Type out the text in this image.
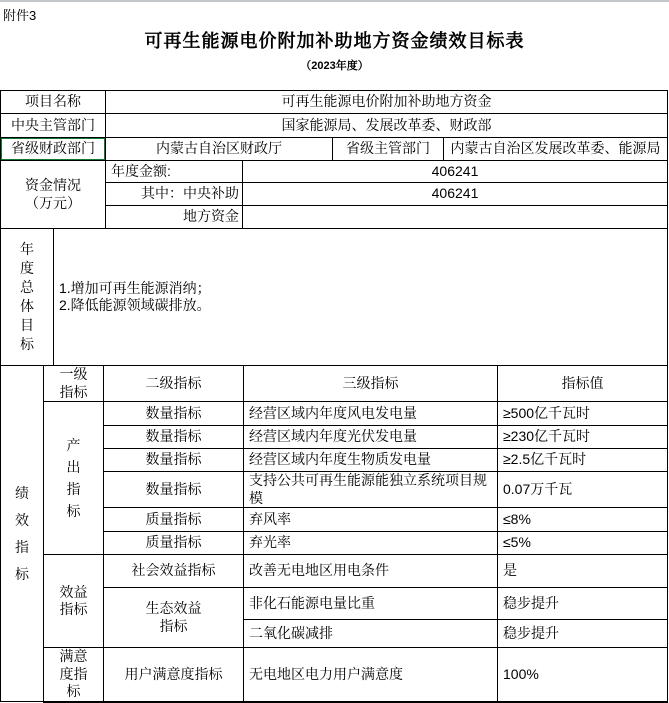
附件3
可再生能源电价附加补助地方资金绩效目标表
（2023年度）
项目名称	可再生能源电价附加补助地方资金			
中央主管部门	国家能源局、发展改革委、财政部			
省级财政部门	内蒙古自治区财政厅		省级主管部门	内蒙古自治区发展改革委、能源局
资金情况（万元）	年度金额:	406241		
	其中：中央补助	406241		
	地方资金			
年度总体目标	
1.增加可再生能源消纳；
2.降低能源领域碳排放。
绩效指标	一级指标	二级指标	三级指标	指标值
	产出指标	数量指标	经营区域内年度风电发电量	≥500亿千瓦时
		数量指标	经营区域内年度光伏发电量	≥230亿千瓦时
		数量指标	经营区域内年度生物质发电量	≥2.5亿千瓦时
		数量指标	支持公共可再生能源能独立系统项目规模	0.07万千瓦
		质量指标	弃风率	≤8%
		质量指标	弃光率	≤5%
	效益指标	社会效益指标	改善无电地区用电条件	是
		生态效益指标	非化石能源电量比重	稳步提升
			二氧化碳减排	稳步提升
	满意度指标	用户满意度指标	无电地区电力用户满意度	100%
